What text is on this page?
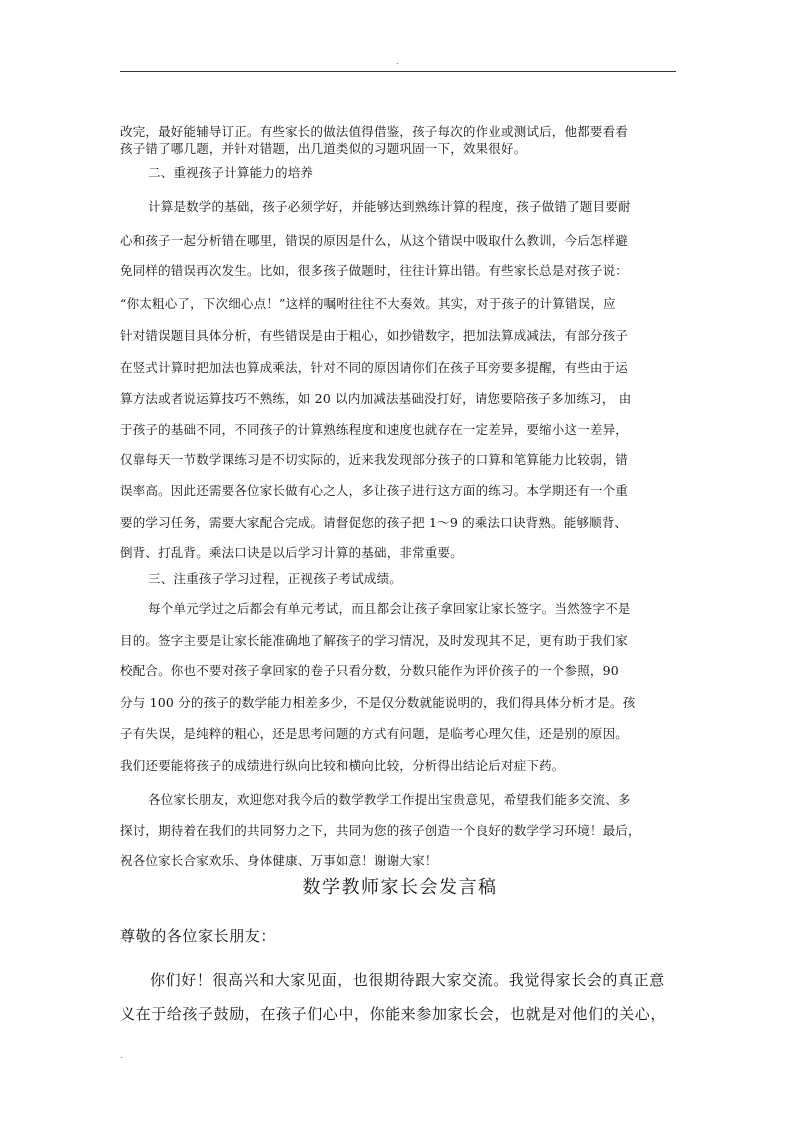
.
改完，最好能辅导订正。有些家长的做法值得借鉴，孩子每次的作业或测试后，他都要看看
孩子错了哪几题，并针对错题，出几道类似的习题巩固一下，效果很好。
二、重视孩子计算能力的培养
计算是数学的基础，孩子必须学好，并能够达到熟练计算的程度，孩子做错了题目要耐
心和孩子一起分析错在哪里，错误的原因是什么，从这个错误中吸取什么教训，今后怎样避
免同样的错误再次发生。比如，很多孩子做题时，往往计算出错。有些家长总是对孩子说：
“你太粗心了，下次细心点！”这样的嘱咐往往不大奏效。其实，对于孩子的计算错误，应
针对错误题目具体分析，有些错误是由于粗心，如抄错数字，把加法算成减法，有部分孩子
在竖式计算时把加法也算成乘法，针对不同的原因请你们在孩子耳旁要多提醒，有些由于运
算方法或者说运算技巧不熟练，如 20 以内加减法基础没打好，请您要陪孩子多加练习， 由
于孩子的基础不同，不同孩子的计算熟练程度和速度也就存在一定差异，要缩小这一差异，
仅靠每天一节数学课练习是不切实际的，近来我发现部分孩子的口算和笔算能力比较弱，错
误率高。因此还需要各位家长做有心之人，多让孩子进行这方面的练习。本学期还有一个重
要的学习任务，需要大家配合完成。请督促您的孩子把 1～9 的乘法口诀背熟。能够顺背、
倒背、打乱背。乘法口诀是以后学习计算的基础，非常重要。
三、注重孩子学习过程，正视孩子考试成绩。
每个单元学过之后都会有单元考试，而且都会让孩子拿回家让家长签字。当然签字不是
目的。签字主要是让家长能准确地了解孩子的学习情况，及时发现其不足，更有助于我们家
校配合。你也不要对孩子拿回家的卷子只看分数，分数只能作为评价孩子的一个参照，90
分与 100 分的孩子的数学能力相差多少，不是仅分数就能说明的，我们得具体分析才是。孩
子有失误，是纯粹的粗心，还是思考问题的方式有问题，是临考心理欠佳，还是别的原因。
我们还要能将孩子的成绩进行纵向比较和横向比较，分析得出结论后对症下药。
各位家长朋友，欢迎您对我今后的数学教学工作提出宝贵意见，希望我们能多交流、多
探讨，期待着在我们的共同努力之下，共同为您的孩子创造一个良好的数学学习环境！最后，
祝各位家长合家欢乐、身体健康、万事如意！谢谢大家！
数学教师家长会发言稿
尊敬的各位家长朋友：
你们好！很高兴和大家见面，也很期待跟大家交流。我觉得家长会的真正意
义在于给孩子鼓励，在孩子们心中，你能来参加家长会，也就是对他们的关心，
.
